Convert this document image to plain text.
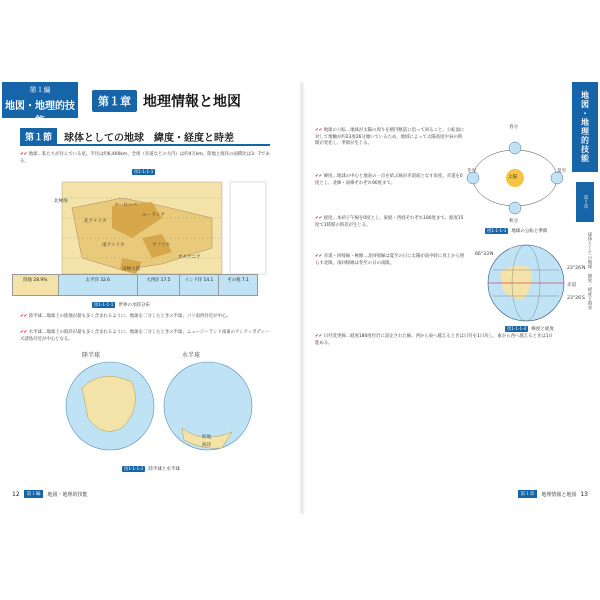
第１編
地図・地理的技能
第１章 地理情報と地図
第１節	球体としての地球　緯度・経度と時差
✔✔ 地球…私たちが住んでいる星。半径は約6,400km、全周（赤道などの大円）は約4万km。陸地と海洋の面積比は3：7である。
図1-1-1-1
北極海
ヨーロッパ
ユーラシア
北アメリカ
アフリカ
南アメリカ
オセアニア
南極大陸
陸地 28.9%	太平洋 32.6	大西洋 17.5	インド洋 14.1	その他 7.1
図1-1-1-1	世界の水陸分布
✔✔ 陸半球…地球上の陸地が最も多く含まれるように、地球を二分したときの半球。パリ南西付近が中心。
✔✔ 水半球…地球上の海洋が最も多く含まれるように、地球を二分したときの半球。ニュージーランド南東のアンティポディーズ諸島付近が中心となる。
陸半球	水半球
陸地
海洋
図1-1-1-2	陸半球と水半球
12	第１編	地図・地理的技能
✔✔ 地球の公転…地球が太陽の周りを楕円軌道に沿って回ること。公転面に対して地軸が約23度26分傾いているため、地域によって太陽高度や昼の時間が変化し、季節が生じる。
✔✔ 緯度…地球の中心と地表の一点を結ぶ線が赤道面となす角度。赤道を0度とし、北緯・南緯それぞれ90度まで。
✔✔ 経度…本初子午線を0度とし、東経・西経それぞれ180度まで。経度15度で1時間の時差が生じる。
✔✔ 赤道・回帰線・極圏…北回帰線は夏至の日に太陽が南中時に真上から照らす北限。南回帰線は冬至の日の南限。
✔✔ 日付変更線…経度180度付近に設定された線。西から東へ越えるときは日付を1日戻し、東から西へ越えるときは1日進める。
春分
夏至
秋分
冬至
太陽
図1-1-1-3	地球の公転と季節
66°33′N
23°26′N
赤道
23°26′S
図1-1-1-4	緯度と経度
地図・地理的技能
第１章
球体としての地球　緯度・経度と時差
第１章	地理情報と地図 13
